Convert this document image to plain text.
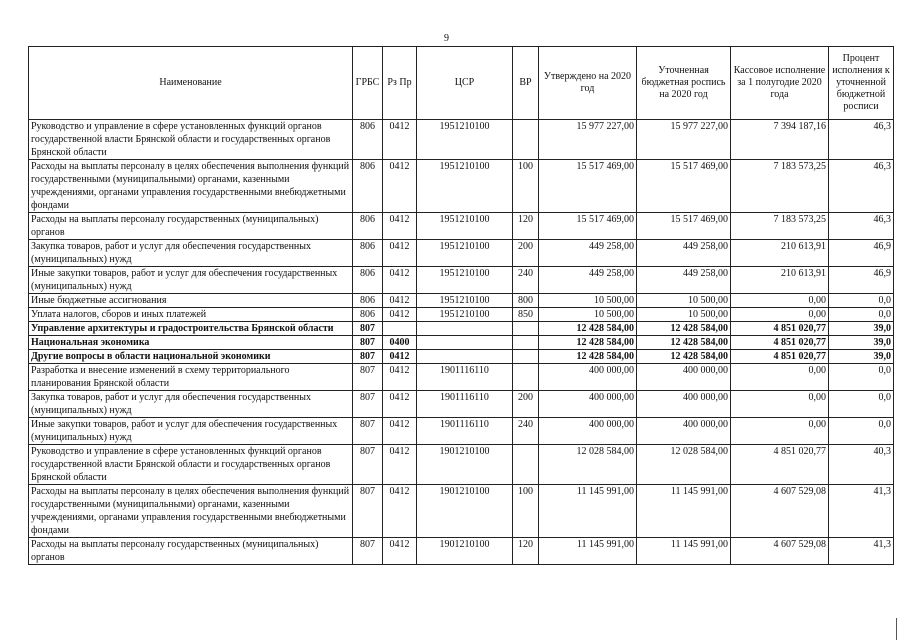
9
Наименование	ГРБС	Рз Пр	ЦСР	ВР	Утверждено на 2020 год	Уточненная бюджетная роспись на 2020 год	Кассовое исполнение за 1 полугодие 2020 года	Процент исполнения к уточненной бюджетной росписи
Руководство и управление в сфере установленных функций органов государственной власти Брянской области и государственных органов Брянской области	806	0412	1951210100		15 977 227,00	15 977 227,00	7 394 187,16	46,3
Расходы на выплаты персоналу в целях обеспечения выполнения функций государственными (муниципальными) органами, казенными учреждениями, органами управления государственными внебюджетными фондами	806	0412	1951210100	100	15 517 469,00	15 517 469,00	7 183 573,25	46,3
Расходы на выплаты персоналу государственных (муниципальных) органов	806	0412	1951210100	120	15 517 469,00	15 517 469,00	7 183 573,25	46,3
Закупка товаров, работ и услуг для обеспечения государственных (муниципальных) нужд	806	0412	1951210100	200	449 258,00	449 258,00	210 613,91	46,9
Иные закупки товаров, работ и услуг для обеспечения государственных (муниципальных) нужд	806	0412	1951210100	240	449 258,00	449 258,00	210 613,91	46,9
Иные бюджетные ассигнования	806	0412	1951210100	800	10 500,00	10 500,00	0,00	0,0
Уплата налогов, сборов и иных платежей	806	0412	1951210100	850	10 500,00	10 500,00	0,00	0,0
Управление архитектуры и градостроительства Брянской области	807				12 428 584,00	12 428 584,00	4 851 020,77	39,0
Национальная экономика	807	0400			12 428 584,00	12 428 584,00	4 851 020,77	39,0
Другие вопросы в области национальной экономики	807	0412			12 428 584,00	12 428 584,00	4 851 020,77	39,0
Разработка и внесение изменений в схему территориального планирования Брянской области	807	0412	1901116110		400 000,00	400 000,00	0,00	0,0
Закупка товаров, работ и услуг для обеспечения государственных (муниципальных) нужд	807	0412	1901116110	200	400 000,00	400 000,00	0,00	0,0
Иные закупки товаров, работ и услуг для обеспечения государственных (муниципальных) нужд	807	0412	1901116110	240	400 000,00	400 000,00	0,00	0,0
Руководство и управление в сфере установленных функций органов государственной власти Брянской области и государственных органов Брянской области	807	0412	1901210100		12 028 584,00	12 028 584,00	4 851 020,77	40,3
Расходы на выплаты персоналу в целях обеспечения выполнения функций государственными (муниципальными) органами, казенными учреждениями, органами управления государственными внебюджетными фондами	807	0412	1901210100	100	11 145 991,00	11 145 991,00	4 607 529,08	41,3
Расходы на выплаты персоналу государственных (муниципальных) органов	807	0412	1901210100	120	11 145 991,00	11 145 991,00	4 607 529,08	41,3
